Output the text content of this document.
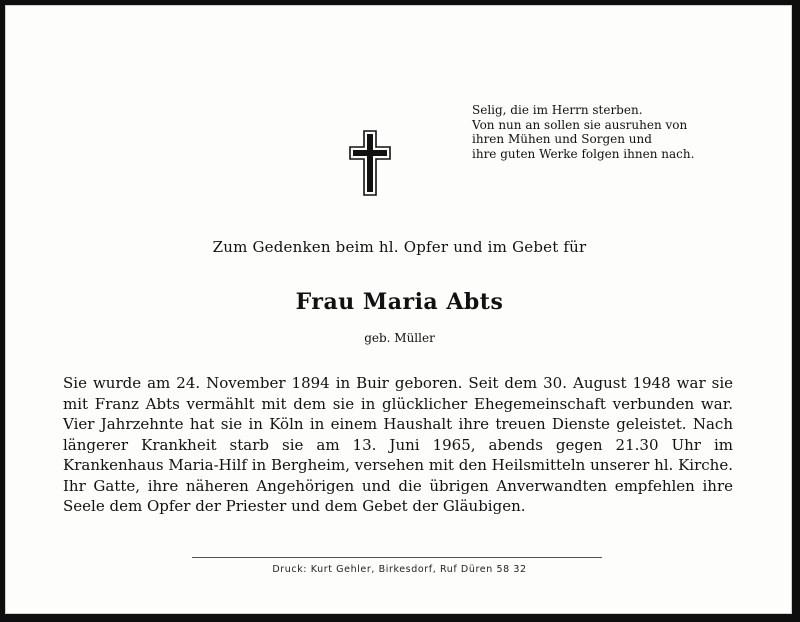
Selig, die im Herrn sterben.
Von nun an sollen sie ausruhen von
ihren Mühen und Sorgen und
ihre guten Werke folgen ihnen nach.
Zum Gedenken beim hl. Opfer und im Gebet für
Frau Maria Abts
geb. Müller
Sie wurde am 24. November 1894 in Buir geboren. Seit dem 30. August 1948 war sie mit Franz Abts vermählt mit dem sie in glücklicher Ehegemeinschaft verbunden war. Vier Jahrzehnte hat sie in Köln in einem Haushalt ihre treuen Dienste geleistet. Nach längerer Krankheit starb sie am 13. Juni 1965, abends gegen 21.30 Uhr im Krankenhaus Maria-Hilf in Bergheim, versehen mit den Heilsmitteln unserer hl. Kirche. Ihr Gatte, ihre näheren Angehörigen und die übrigen Anverwandten empfehlen ihre Seele dem Opfer der Priester und dem Gebet der Gläubigen.
Druck: Kurt Gehler, Birkesdorf, Ruf Düren 58 32
